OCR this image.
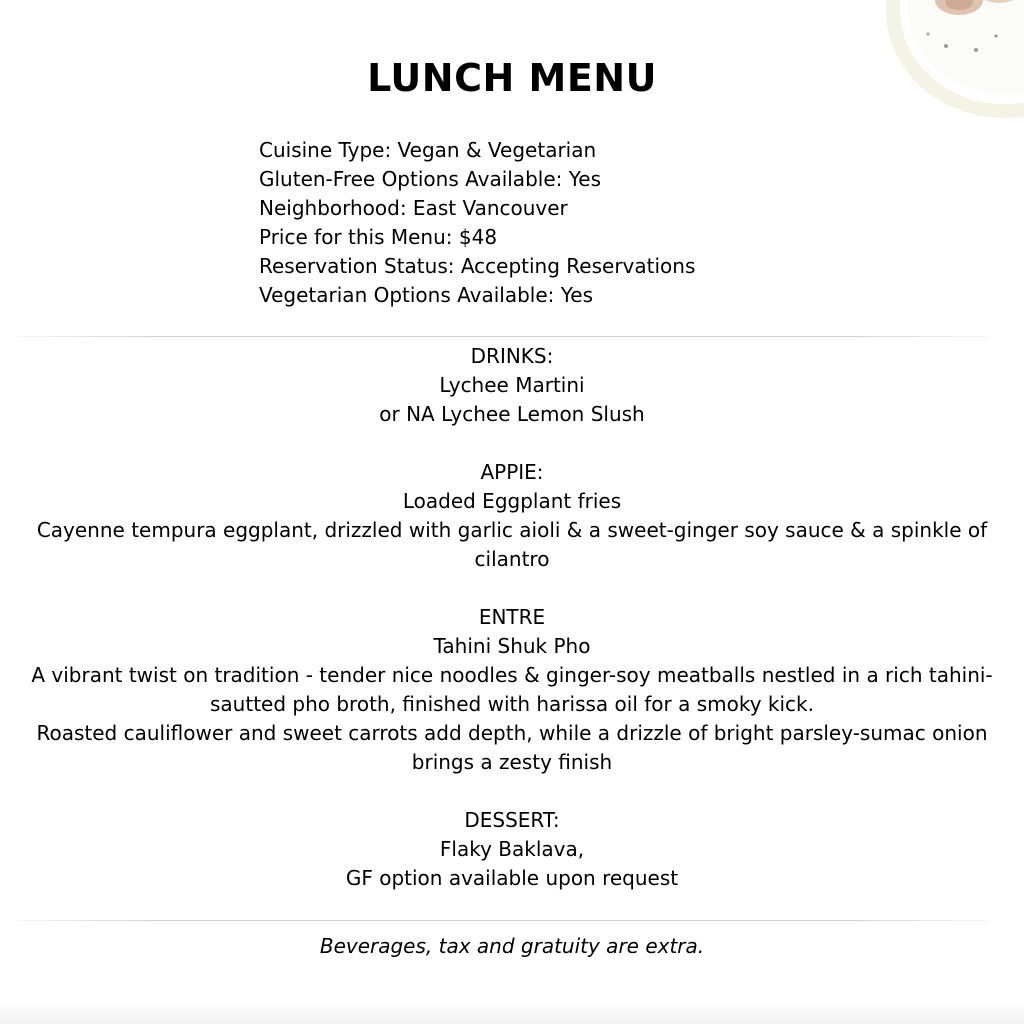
LUNCH MENU
Cuisine Type: Vegan & Vegetarian
Gluten-Free Options Available: Yes
Neighborhood: East Vancouver
Price for this Menu: $48
Reservation Status: Accepting Reservations
Vegetarian Options Available: Yes
DRINKS:
Lychee Martini
or NA Lychee Lemon Slush
APPIE:
Loaded Eggplant fries
Cayenne tempura eggplant, drizzled with garlic aioli & a sweet-ginger soy sauce & a spinkle of cilantro
ENTRE
Tahini Shuk Pho
A vibrant twist on tradition - tender nice noodles & ginger-soy meatballs nestled in a rich tahini-sautted pho broth, finished with harissa oil for a smoky kick.
Roasted cauliflower and sweet carrots add depth, while a drizzle of bright parsley-sumac onion brings a zesty finish
DESSERT:
Flaky Baklava,
GF option available upon request
Beverages, tax and gratuity are extra.
